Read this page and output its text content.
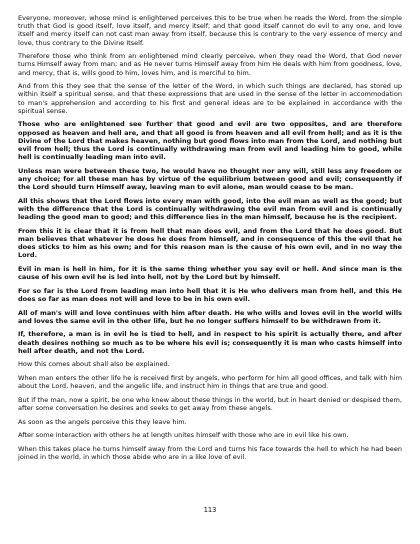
Everyone, moreover, whose mind is enlightened perceives this to be true when he reads the Word, from the simple truth that God is good itself, love itself, and mercy itself; and that good itself cannot do evil to any one, and love itself and mercy itself can not cast man away from itself, because this is contrary to the very essence of mercy and love, thus contrary to the Divine Itself.

Therefore those who think from an enlightened mind clearly perceive, when they read the Word, that God never turns Himself away from man; and as He never turns Himself away from him He deals with him from goodness, love, and mercy, that is, wills good to him, loves him, and is merciful to him.

And from this they see that the sense of the letter of the Word, in which such things are declared, has stored up within itself a spiritual sense, and that these expressions that are used in the sense of the letter in accommodation to man's apprehension and according to his first and general ideas are to be explained in accordance with the spiritual sense.

Those who are enlightened see further that good and evil are two opposites, and are therefore opposed as heaven and hell are, and that all good is from heaven and all evil from hell; and as it is the Divine of the Lord that makes heaven, nothing but good flows into man from the Lord, and nothing but evil from hell; thus the Lord is continually withdrawing man from evil and leading him to good, while hell is continually leading man into evil.

Unless man were between these two, he would have no thought nor any will, still less any freedom or any choice; for all these man has by virtue of the equilibrium between good and evil; consequently if the Lord should turn Himself away, leaving man to evil alone, man would cease to be man.

All this shows that the Lord flows into every man with good, into the evil man as well as the good; but with the difference that the Lord is continually withdrawing the evil man from evil and is continually leading the good man to good; and this difference lies in the man himself, because he is the recipient.

From this it is clear that it is from hell that man does evil, and from the Lord that he does good. But man believes that whatever he does he does from himself, and in consequence of this the evil that he does sticks to him as his own; and for this reason man is the cause of his own evil, and in no way the Lord.

Evil in man is hell in him, for it is the same thing whether you say evil or hell. And since man is the cause of his own evil he is led into hell, not by the Lord but by himself.

For so far is the Lord from leading man into hell that it is He who delivers man from hell, and this He does so far as man does not will and love to be in his own evil.

All of man's will and love continues with him after death. He who wills and loves evil in the world wills and loves the same evil in the other life, but he no longer suffers himself to be withdrawn from it.

If, therefore, a man is in evil he is tied to hell, and in respect to his spirit is actually there, and after death desires nothing so much as to be where his evil is; consequently it is man who casts himself into hell after death, and not the Lord.

How this comes about shall also be explained.

When man enters the other life he is received first by angels, who perform for him all good offices, and talk with him about the Lord, heaven, and the angelic life, and instruct him in things that are true and good.

But if the man, now a spirit, be one who knew about these things in the world, but in heart denied or despised them, after some conversation he desires and seeks to get away from these angels.

As soon as the angels perceive this they leave him.

After some interaction with others he at length unites himself with those who are in evil like his own.

When this takes place he turns himself away from the Lord and turns his face towards the hell to which he had been joined in the world, in which those abide who are in a like love of evil.

113
